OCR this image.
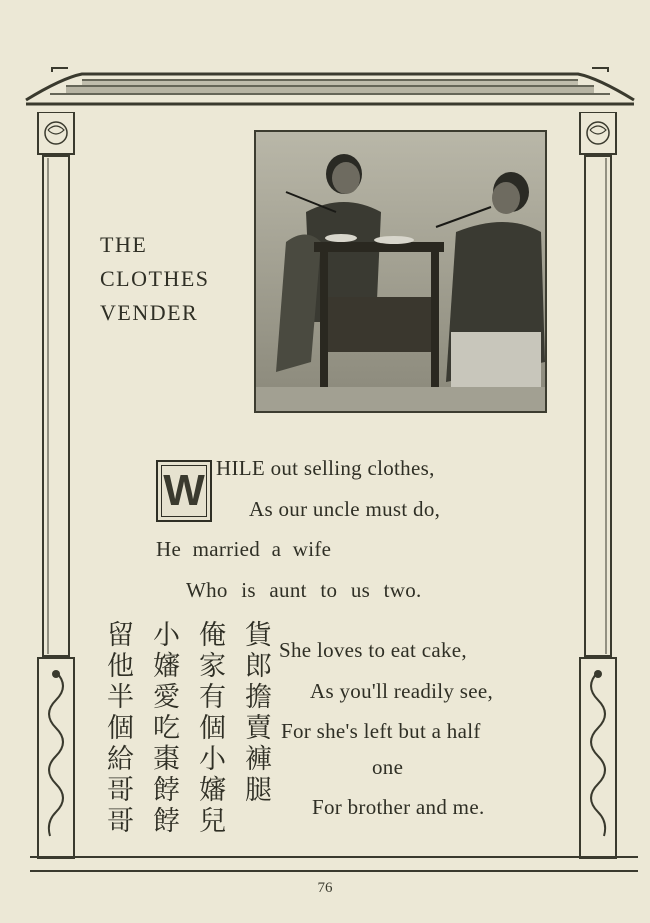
THE
CLOTHES
VENDER
W HILE out selling clothes,
As our uncle must do,
He married a wife
Who is aunt to us two.
貨郎擔賣褲腿
俺家有個小嬸兒
小嬸愛吃棗餑餑
留他半個給哥哥	She loves to eat cake,
As you'll readily see,
For she's left but a half
one
For brother and me.
76
